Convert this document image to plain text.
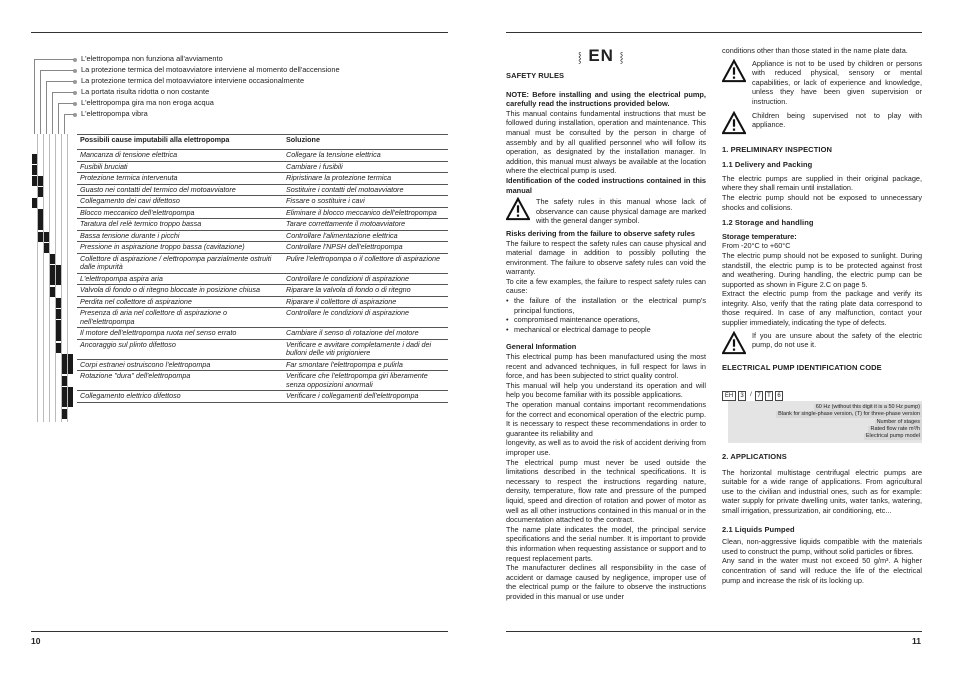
L'elettropompa non funziona all'avviamento
La protezione termica del motoavviatore interviene al momento dell'accensione
La protezione termica del motoavviatore interviene occasionalmente
La portata risulta ridotta o non costante
L'elettropompa gira ma non eroga acqua
L'elettropompa vibra
Possibili cause imputabili alla elettropompa	Soluzione
Mancanza di tensione elettrica	Collegare la tensione elettrica
Fusibili bruciati	Cambiare i fusibili
Protezione termica intervenuta	Ripristinare la protezione termica
Guasto nei contatti del termico del motoavviatore	Sostituire i contatti del motoavviatore
Collegamento dei cavi difettoso	Fissare o sostituire i cavi
Blocco meccanico dell'elettropompa	Eliminare il blocco meccanico dell'elettropompa
Taratura del relè termico troppo bassa	Tarare correttamente il motoavviatore
Bassa tensione durante i picchi	Controllare l'alimentazione elettrica
Pressione in aspirazione troppo bassa (cavitazione)	Controllare l'NPSH dell'elettropompa
Collettore di aspirazione / elettropompa parzialmente ostruiti dalle impurità	Pulire l'elettropompa o il collettore di aspirazione
L'elettropompa aspira aria	Controllare le condizioni di aspirazione
Valvola di fondo o di ritegno bloccate in posizione chiusa	Riparare la valvola di fondo o di ritegno
Perdita nel collettore di aspirazione	Riparare il collettore di aspirazione
Presenza di aria nel collettore di aspirazione o nell'elettropompa	Controllare le condizioni di aspirazione
Il motore dell'elettropompa ruota nel senso errato	Cambiare il senso di rotazione del motore
Ancoraggio sul plinto difettoso	Verificare e avvitare completamente i dadi dei bulloni delle viti prigioniere
Corpi estranei ostruiscono l'elettropompa	Far smontare l'elettropompa e pulirla
Rotazione "dura" dell'elettropompa	Verificare che l'elettropompa giri liberamente senza opposizioni anormali
Collegamento elettrico difettoso	Verificare i collegamenti dell'elettropompa
10
⸾ EN ⸾

SAFETY RULES

NOTE: Before installing and using the electrical pump, carefully read the instructions provided below.

This manual contains fundamental instructions that must be followed during installation, operation and maintenance. This manual must be consulted by the person in charge of assembly and by all qualified personnel who will follow its operation, as designated by the installation manager. In addition, this manual must always be available at the location where the electrical pump is used.

Identification of the coded instructions contained in this manual

The safety rules in this manual whose lack of observance can cause physical damage are marked with the general danger symbol.

Risks deriving from the failure to observe safety rules

The failure to respect the safety rules can cause physical and material damage in addition to possibly polluting the environment. The failure to observe safety rules can void the warranty.

To cite a few examples, the failure to respect safety rules can cause:

• the failure of the installation or the electrical pump's principal functions,
• compromised maintenance operations,
• mechanical or electrical damage to people

General Information

This electrical pump has been manufactured using the most recent and advanced techniques, in full respect for laws in force, and has been subjected to strict quality control.

This manual will help you understand its operation and will help you become familiar with its possible applications.

The operation manual contains important recommendations for the correct and economical operation of the electric pump. It is necessary to respect these recommendations in order to guarantee its reliability and

longevity, as well as to avoid the risk of accident deriving from improper use.

The electrical pump must never be used outside the limitations described in the technical specifications. It is necessary to respect the instructions regarding nature, density, temperature, flow rate and pressure of the pumped liquid, speed and direction of rotation and power of motor as well as all other instructions contained in this manual or in the documentation attached to the contract.

The name plate indicates the model, the principal service specifications and the serial number. It is important to provide this information when requesting assistance or support and to request replacement parts.

The manufacturer declines all responsibility in the case of accident or damage caused by negligence, improper use of the electrical pump or the failure to observe the instructions provided in this manual or use under

conditions other than those stated in the name plate data.

Appliance is not to be used by children or persons with reduced physical, sensory or mental capabilities, or lack of experience and knowledge, unless they have been given supervision or instruction.

Children being supervised not to play with appliance.

1. PRELIMINARY INSPECTION

1.1 Delivery and Packing

The electric pumps are supplied in their original package, where they shall remain until installation.

The electric pump should not be exposed to unnecessary shocks and collisions.

1.2 Storage and handling

Storage temperature:

From -20°C to +60°C

The electric pump should not be exposed to sunlight. During standstill, the electric pump is to be protected against frost and weathering. During handling, the electric pump can be supported as shown in Figure 2.C on page 5.

Extract the electric pump from the package and verify its integrity. Also, verify that the rating plate data correspond to those required. In case of any malfunction, contact your supplier immediately, indicating the type of defects.

If you are unsure about the safety of the electric pump, do not use it.

ELECTRICAL PUMP IDENTIFICATION CODE

EH	3	/ 7	T	6
60 Hz (without this digit it is a 50 Hz pump)
Blank for single-phase version, (T) for three-phase version
Number of stages
Rated flow rate m³/h
Electrical pump model

2. APPLICATIONS

The horizontal multistage centrifugal electric pumps are suitable for a wide range of applications. From agricultural use to the civilian and industrial ones, such as for example: water supply for private dwelling units, water tanks, watering, small irrigation, pressurization, air conditioning, etc...

2.1 Liquids Pumped

Clean, non-aggressive liquids compatible with the materials used to construct the pump, without solid particles or fibres.

Any sand in the water must not exceed 50 g/m³. A higher concentration of sand will reduce the life of the electrical pump and increase the risk of its locking up.

11
